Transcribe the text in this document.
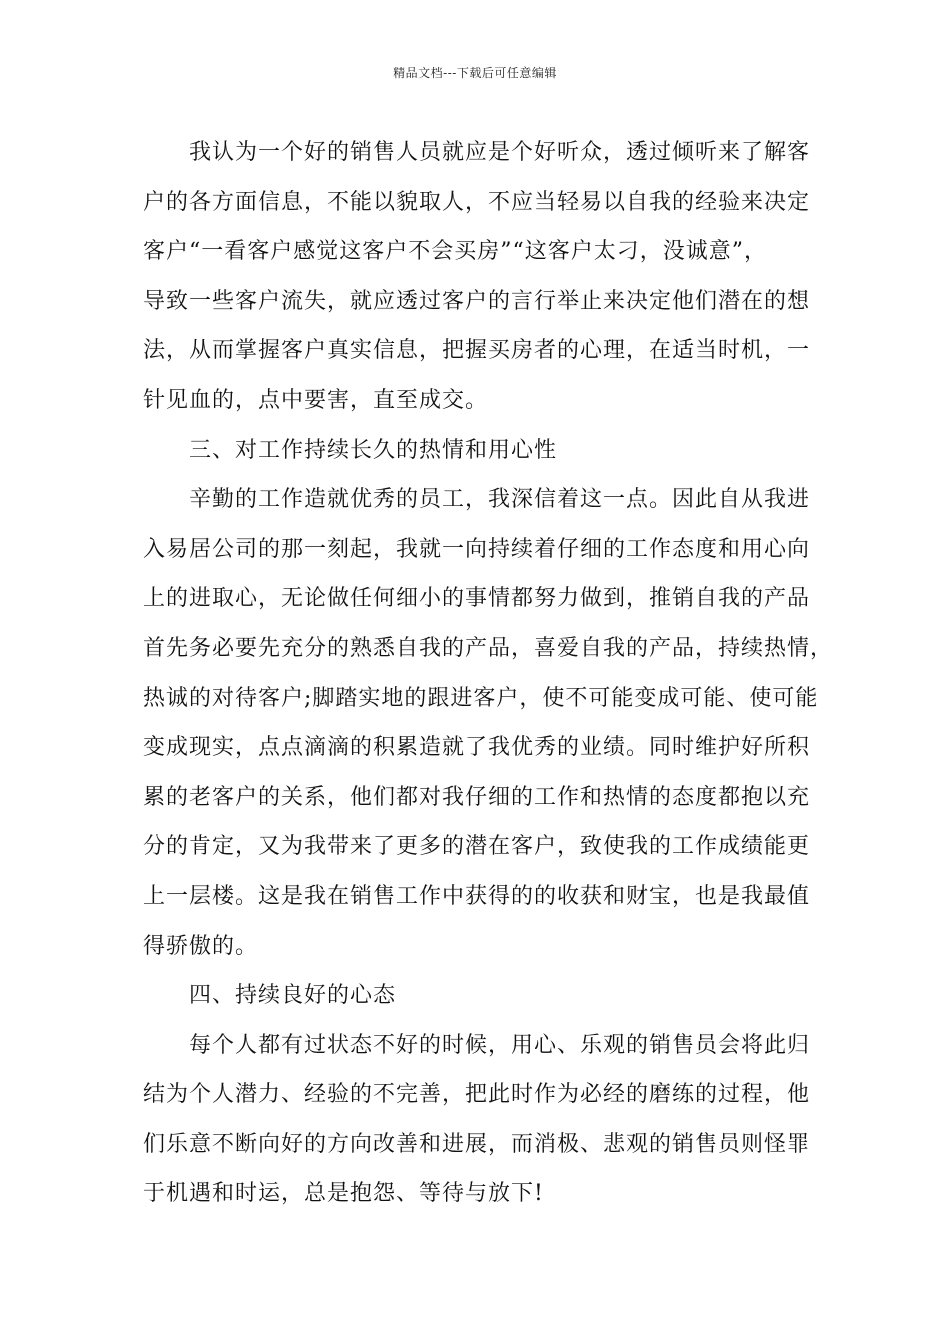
精品文档---下载后可任意编辑
我认为一个好的销售人员就应是个好听众，透过倾听来了解客
户的各方面信息，不能以貌取人，不应当轻易以自我的经验来决定
客户“一看客户感觉这客户不会买房”“这客户太刁，没诚意”，
导致一些客户流失，就应透过客户的言行举止来决定他们潜在的想
法，从而掌握客户真实信息，把握买房者的心理，在适当时机，一
针见血的，点中要害，直至成交。
三、对工作持续长久的热情和用心性
辛勤的工作造就优秀的员工，我深信着这一点。因此自从我进
入易居公司的那一刻起，我就一向持续着仔细的工作态度和用心向
上的进取心，无论做任何细小的事情都努力做到，推销自我的产品
首先务必要先充分的熟悉自我的产品，喜爱自我的产品，持续热情，
热诚的对待客户;脚踏实地的跟进客户，使不可能变成可能、使可能
变成现实，点点滴滴的积累造就了我优秀的业绩。同时维护好所积
累的老客户的关系，他们都对我仔细的工作和热情的态度都抱以充
分的肯定，又为我带来了更多的潜在客户，致使我的工作成绩能更
上一层楼。这是我在销售工作中获得的的收获和财宝，也是我最值
得骄傲的。
四、持续良好的心态
每个人都有过状态不好的时候，用心、乐观的销售员会将此归
结为个人潜力、经验的不完善，把此时作为必经的磨练的过程，他
们乐意不断向好的方向改善和进展，而消极、悲观的销售员则怪罪
于机遇和时运，总是抱怨、等待与放下!
